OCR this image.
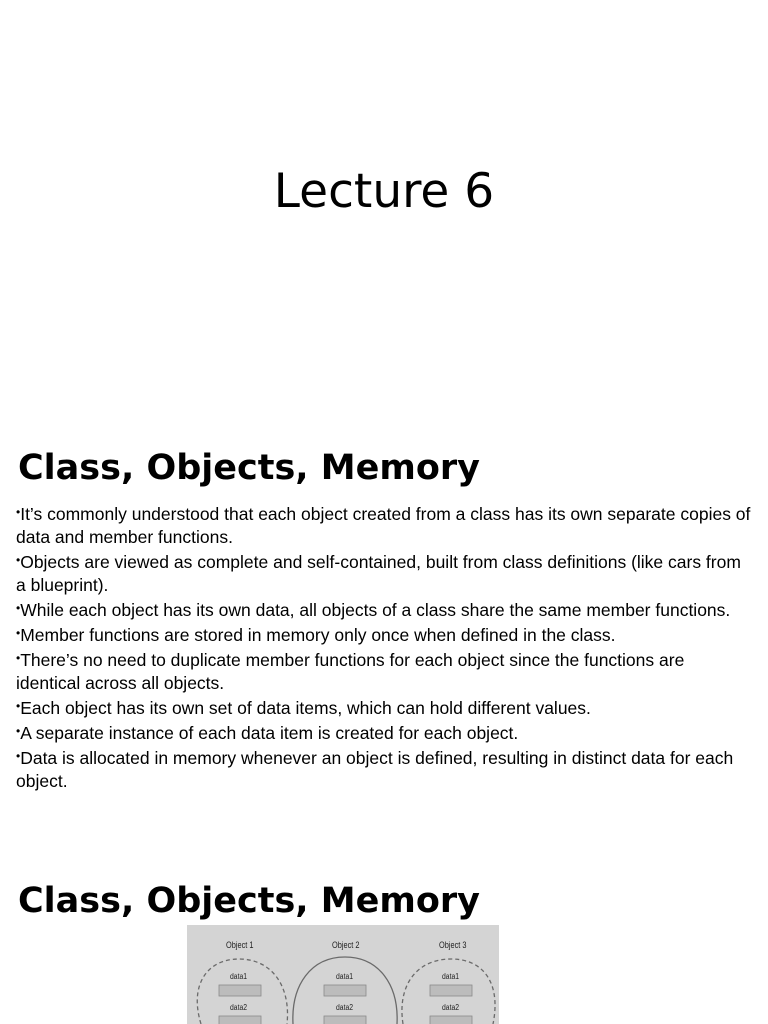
Lecture 6
Class, Objects, Memory
•It’s commonly understood that each object created from a class has its own separate copies of data and member functions.
•Objects are viewed as complete and self-contained, built from class definitions (like cars from a blueprint).
•While each object has its own data, all objects of a class share the same member functions.
•Member functions are stored in memory only once when defined in the class.
•There’s no need to duplicate member functions for each object since the functions are identical across all objects.
•Each object has its own set of data items, which can hold different values.
•A separate instance of each data item is created for each object.
•Data is allocated in memory whenever an object is defined, resulting in distinct data for each object.
Class, Objects, Memory
Object 1	Object 2	Object 3
data1
data2
data1
data2
data1
data2
